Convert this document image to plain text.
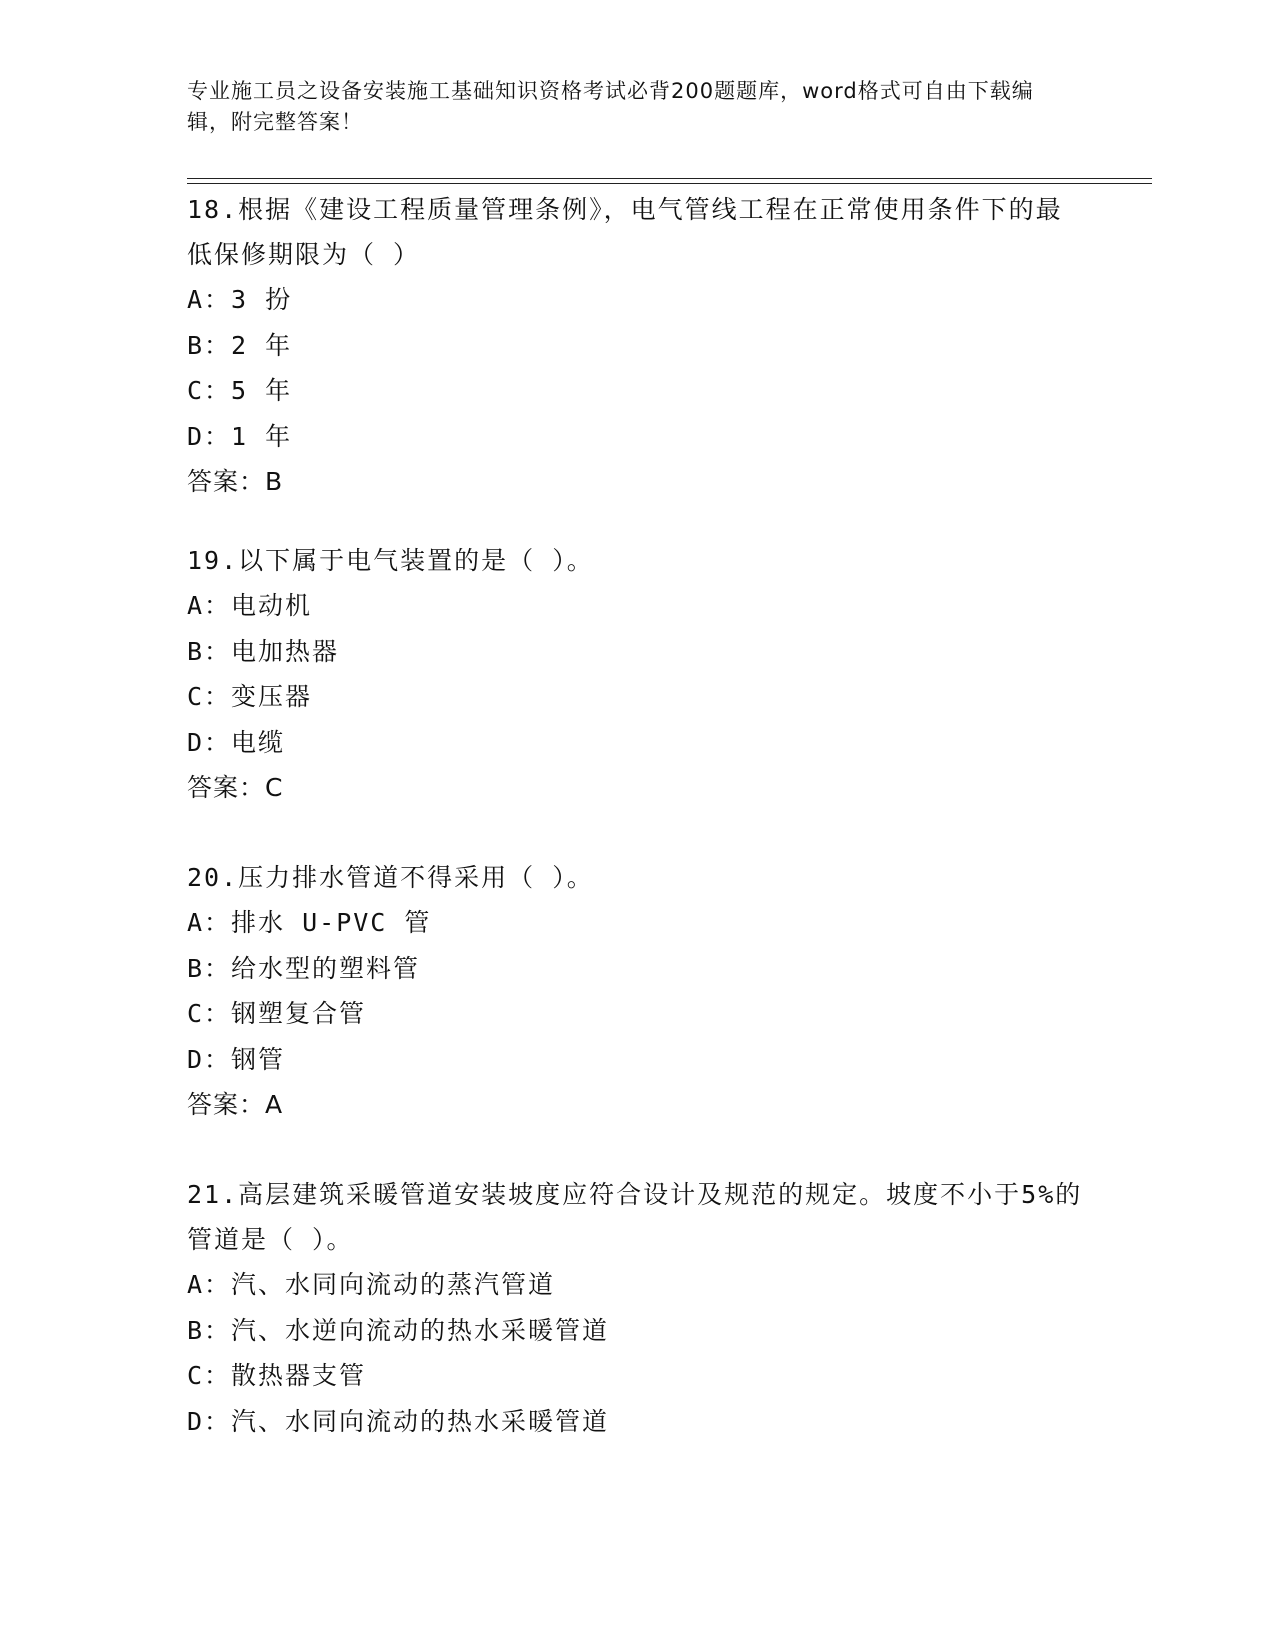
专业施工员之设备安装施工基础知识资格考试必背200题题库，word格式可自由下载编辑，附完整答案！
18.根据《建设工程质量管理条例》，电气管线工程在正常使用条件下的最低保修期限为（ ）
A：3 扮
B：2 年
C：5 年
D：1 年
答案：B
19.以下属于电气装置的是（ ）。
A：电动机
B：电加热器
C：变压器
D：电缆
答案：C
20.压力排水管道不得采用（ ）。
A：排水 U-PVC 管
B：给水型的塑料管
C：钢塑复合管
D：钢管
答案：A
21.高层建筑采暖管道安装坡度应符合设计及规范的规定。坡度不小于5%的管道是（ ）。
A：汽、水同向流动的蒸汽管道
B：汽、水逆向流动的热水采暖管道
C：散热器支管
D：汽、水同向流动的热水采暖管道
